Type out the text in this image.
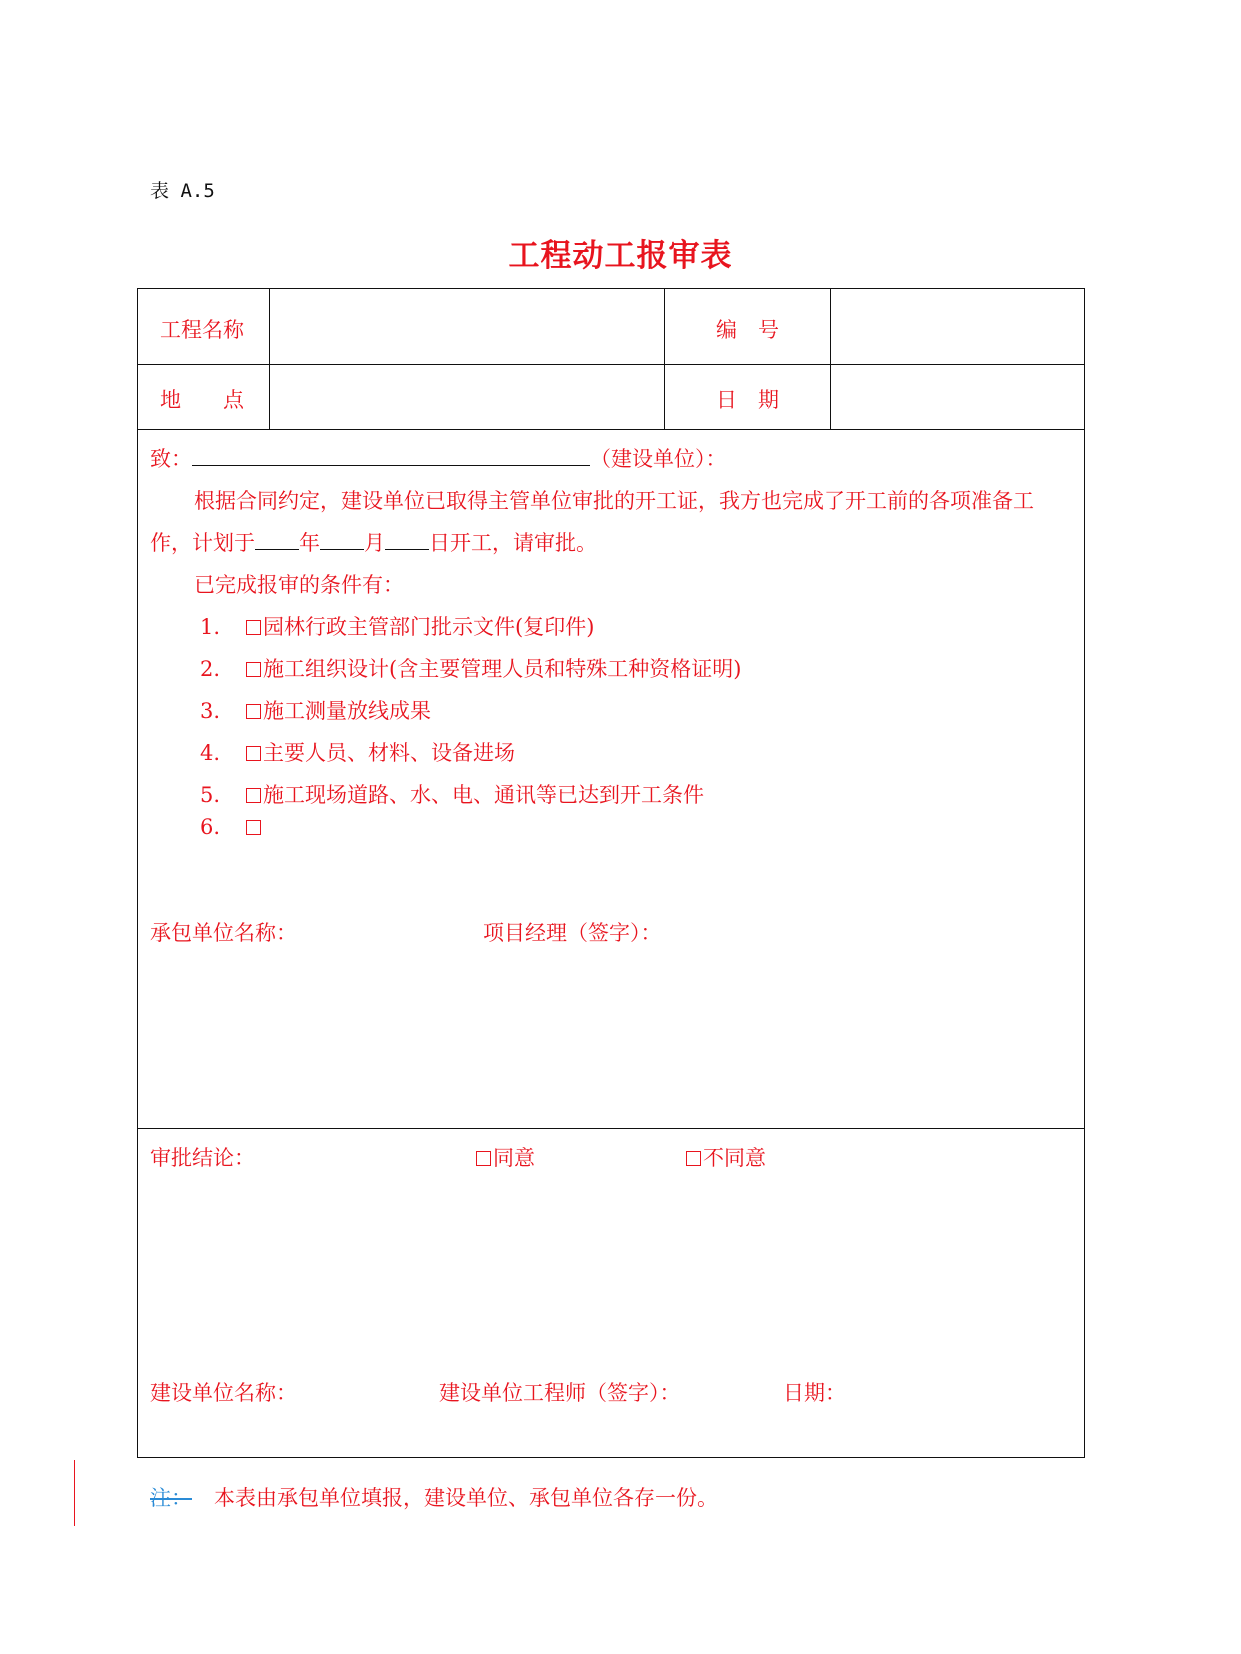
表 A.5
工程动工报审表
工程名称	编　号
地　　点	日　期
致：	（建设单位）：
根据合同约定，建设单位已取得主管单位审批的开工证，我方也完成了开工前的各项准备工
作，计划于 年 月 日开工，请审批。
已完成报审的条件有：
1. 园林行政主管部门批示文件(复印件)
2. 施工组织设计(含主要管理人员和特殊工种资格证明)
3. 施工测量放线成果
4. 主要人员、材料、设备进场
5. 施工现场道路、水、电、通讯等已达到开工条件
6.
承包单位名称：	项目经理（签字）：
审批结论：	同意	不同意
建设单位名称：	建设单位工程师（签字）：	日期：
注： 本表由承包单位填报，建设单位、承包单位各存一份。
